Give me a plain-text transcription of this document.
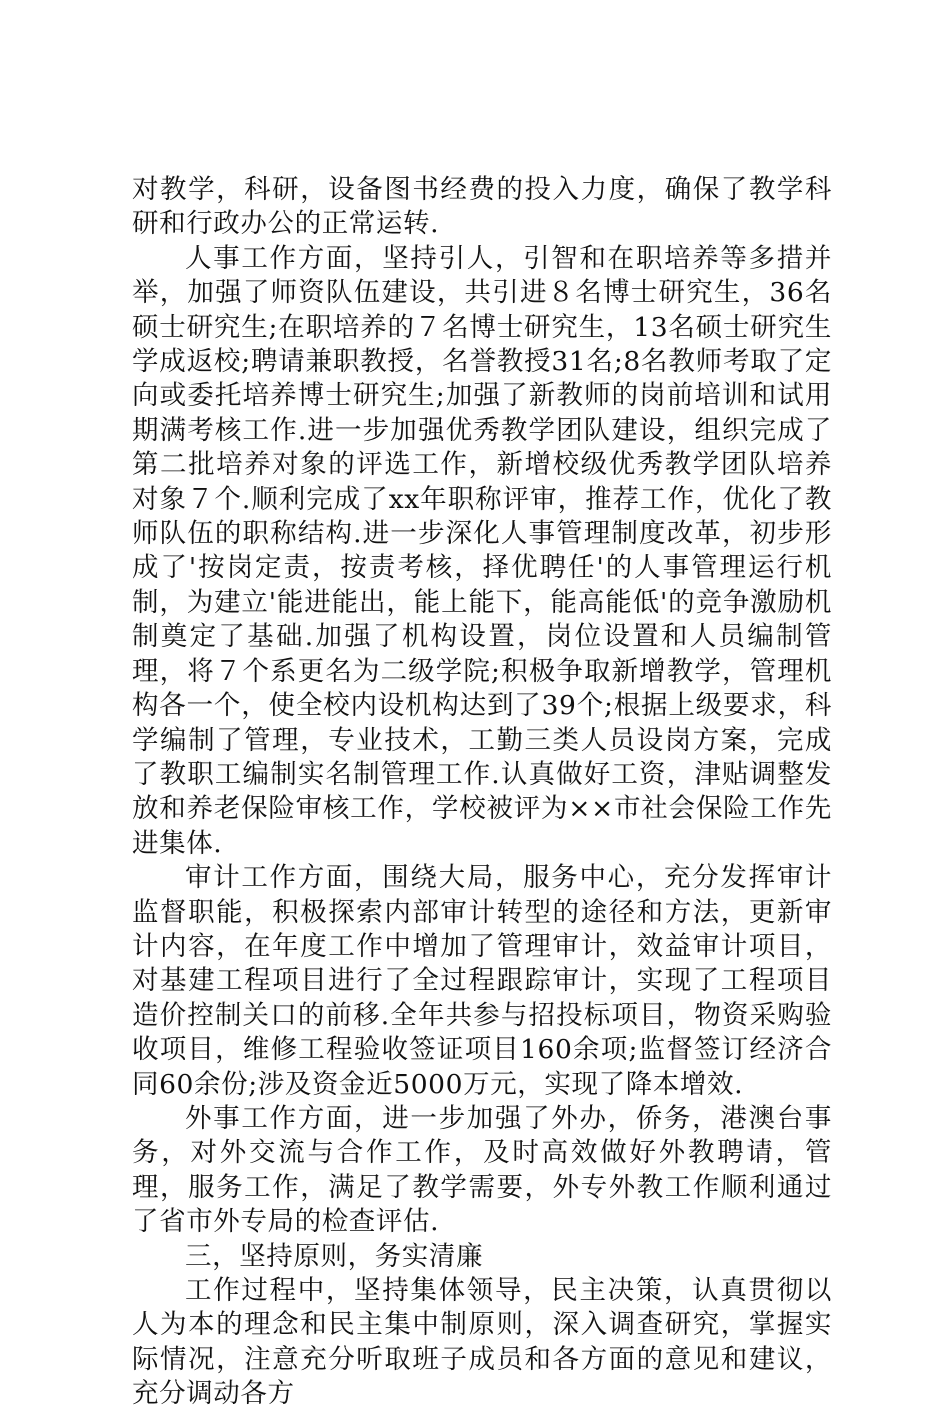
对教学，科研，设备图书经费的投入力度，确保了教学科研和行政办公的正常运转.

人事工作方面，坚持引人，引智和在职培养等多措并举，加强了师资队伍建设，共引进８名博士研究生，36名硕士研究生;在职培养的７名博士研究生，13名硕士研究生学成返校;聘请兼职教授，名誉教授31名;8名教师考取了定向或委托培养博士研究生;加强了新教师的岗前培训和试用期满考核工作.进一步加强优秀教学团队建设，组织完成了第二批培养对象的评选工作，新增校级优秀教学团队培养对象７个.顺利完成了xx年职称评审，推荐工作，优化了教师队伍的职称结构.进一步深化人事管理制度改革，初步形成了'按岗定责，按责考核，择优聘任'的人事管理运行机制，为建立'能进能出，能上能下，能高能低'的竞争激励机制奠定了基础.加强了机构设置，岗位设置和人员编制管理，将７个系更名为二级学院;积极争取新增教学，管理机构各一个，使全校内设机构达到了39个;根据上级要求，科学编制了管理，专业技术，工勤三类人员设岗方案，完成了教职工编制实名制管理工作.认真做好工资，津贴调整发放和养老保险审核工作，学校被评为××市社会保险工作先进集体.

审计工作方面，围绕大局，服务中心，充分发挥审计监督职能，积极探索内部审计转型的途径和方法，更新审计内容，在年度工作中增加了管理审计，效益审计项目，对基建工程项目进行了全过程跟踪审计，实现了工程项目造价控制关口的前移.全年共参与招投标项目，物资采购验收项目，维修工程验收签证项目160余项;监督签订经济合同60余份;涉及资金近5000万元，实现了降本增效.

外事工作方面，进一步加强了外办，侨务，港澳台事务，对外交流与合作工作，及时高效做好外教聘请，管理，服务工作，满足了教学需要，外专外教工作顺利通过了省市外专局的检查评估.

三，坚持原则，务实清廉

工作过程中，坚持集体领导，民主决策，认真贯彻以人为本的理念和民主集中制原则，深入调查研究，掌握实际情况，注意充分听取班子成员和各方面的意见和建议，充分调动各方
